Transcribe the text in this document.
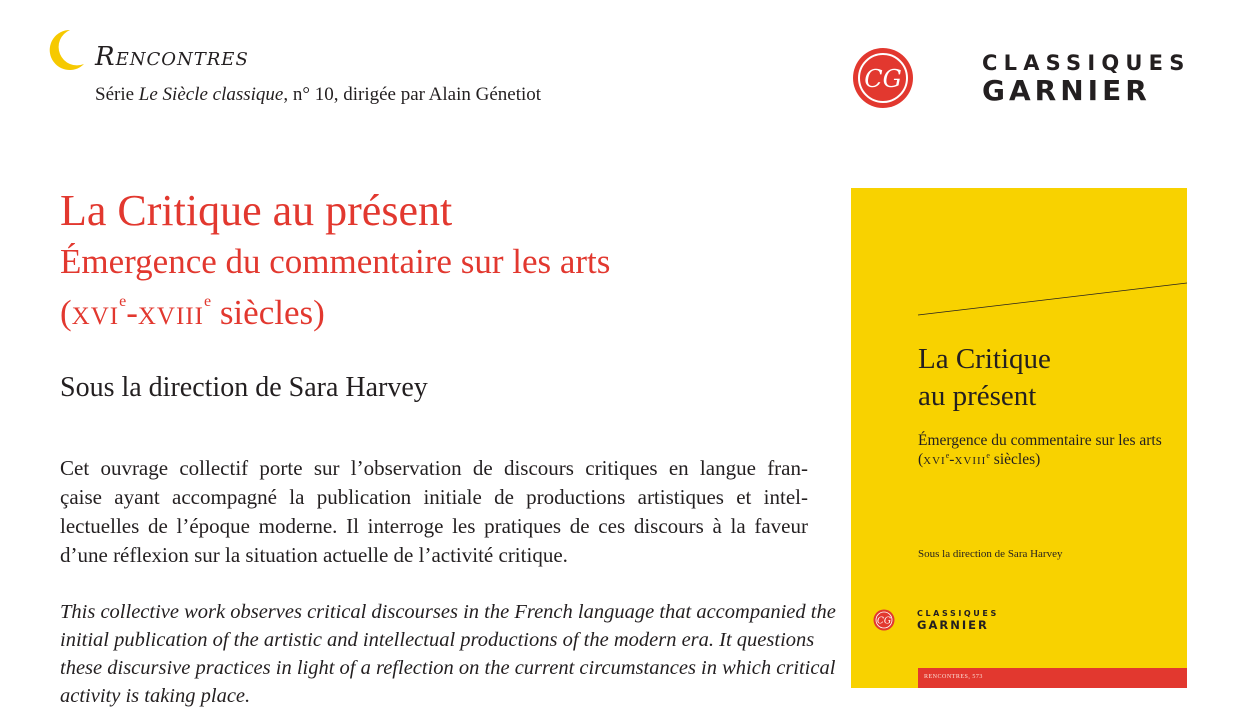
Rencontres
Série Le Siècle classique, n° 10, dirigée par Alain Génetiot
CG
CLASSIQUES
GARNIER
La Critique au présent
Émergence du commentaire sur les arts
(xvi$^e$-xviii$^e$ siècles)
Sous la direction de Sara Harvey
Cet ouvrage collectif porte sur l’observation de discours critiques en langue fran-
çaise ayant accompagné la publication initiale de productions artistiques et intel-
lectuelles de l’époque moderne. Il interroge les pratiques de ces discours à la faveur
d’une réflexion sur la situation actuelle de l’activité critique.
This collective work observes critical discourses in the French language that accompanied the
initial publication of the artistic and intellectual productions of the modern era. It questions
these discursive practices in light of a reflection on the current circumstances in which critical
activity is taking place.
La Critique
au présent
Émergence du commentaire sur les arts
(xvi$^e$-xviii$^e$ siècles)
Sous la direction de Sara Harvey
CG
CLASSIQUES
GARNIER
RENCONTRES, 573
